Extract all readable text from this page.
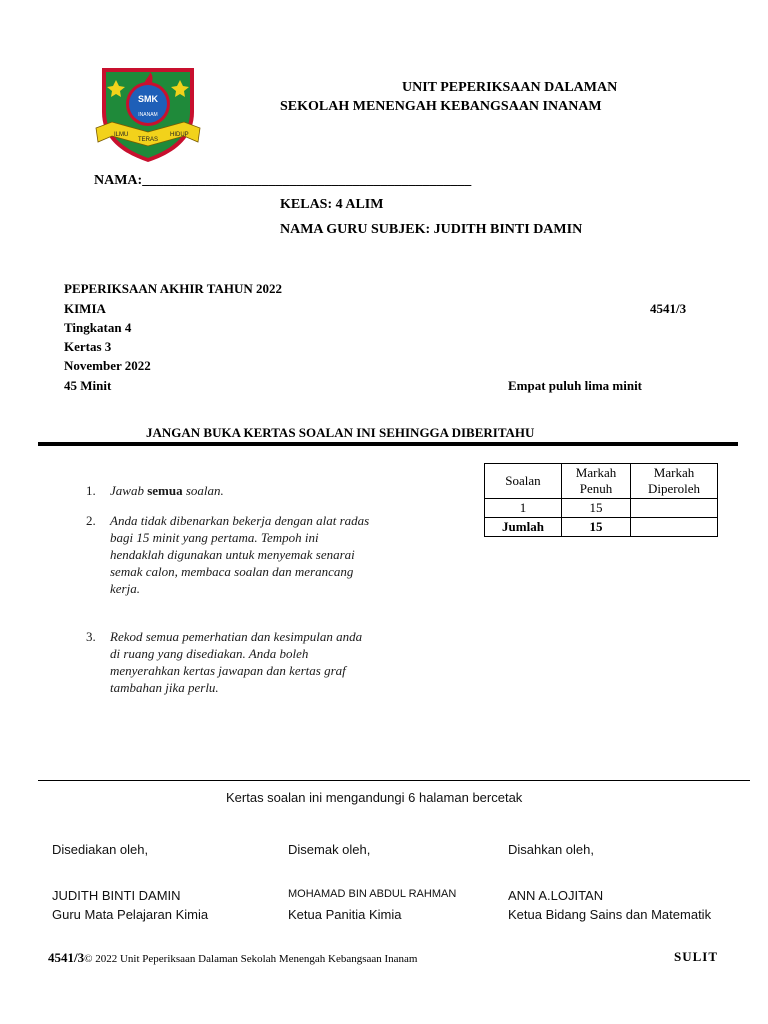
SMK
INANAM
ILMU
TERAS
HIDUP
UNIT PEPERIKSAAN DALAMAN
SEKOLAH MENENGAH KEBANGSAAN INANAM
NAMA:_______________________________________________
KELAS: 4 ALIM
NAMA GURU SUBJEK: JUDITH BINTI DAMIN
PEPERIKSAAN AKHIR TAHUN 2022
KIMIA	4541/3
Tingkatan 4
Kertas 3
November 2022
45 Minit	Empat puluh lima minit
JANGAN BUKA KERTAS SOALAN INI SEHINGGA DIBERITAHU
1. Jawab semua soalan.
2. Anda tidak dibenarkan bekerja dengan alat radas bagi 15 minit yang pertama. Tempoh ini hendaklah digunakan untuk menyemak senarai semak calon, membaca soalan dan merancang kerja.
3. Rekod semua pemerhatian dan kesimpulan anda di ruang yang disediakan. Anda boleh menyerahkan kertas jawapan dan kertas graf tambahan jika perlu.
Soalan	Markah Penuh	Markah Diperoleh
1	15	
Jumlah	15	
Kertas soalan ini mengandungi 6 halaman bercetak
Disediakan oleh,	Disemak oleh,	Disahkan oleh,
JUDITH BINTI DAMIN	MOHAMAD BIN ABDUL RAHMAN	ANN A.LOJITAN
Guru Mata Pelajaran Kimia	Ketua Panitia Kimia	Ketua Bidang Sains dan Matematik
4541/3© 2022 Unit Peperiksaan Dalaman Sekolah Menengah Kebangsaan Inanam	SULIT
